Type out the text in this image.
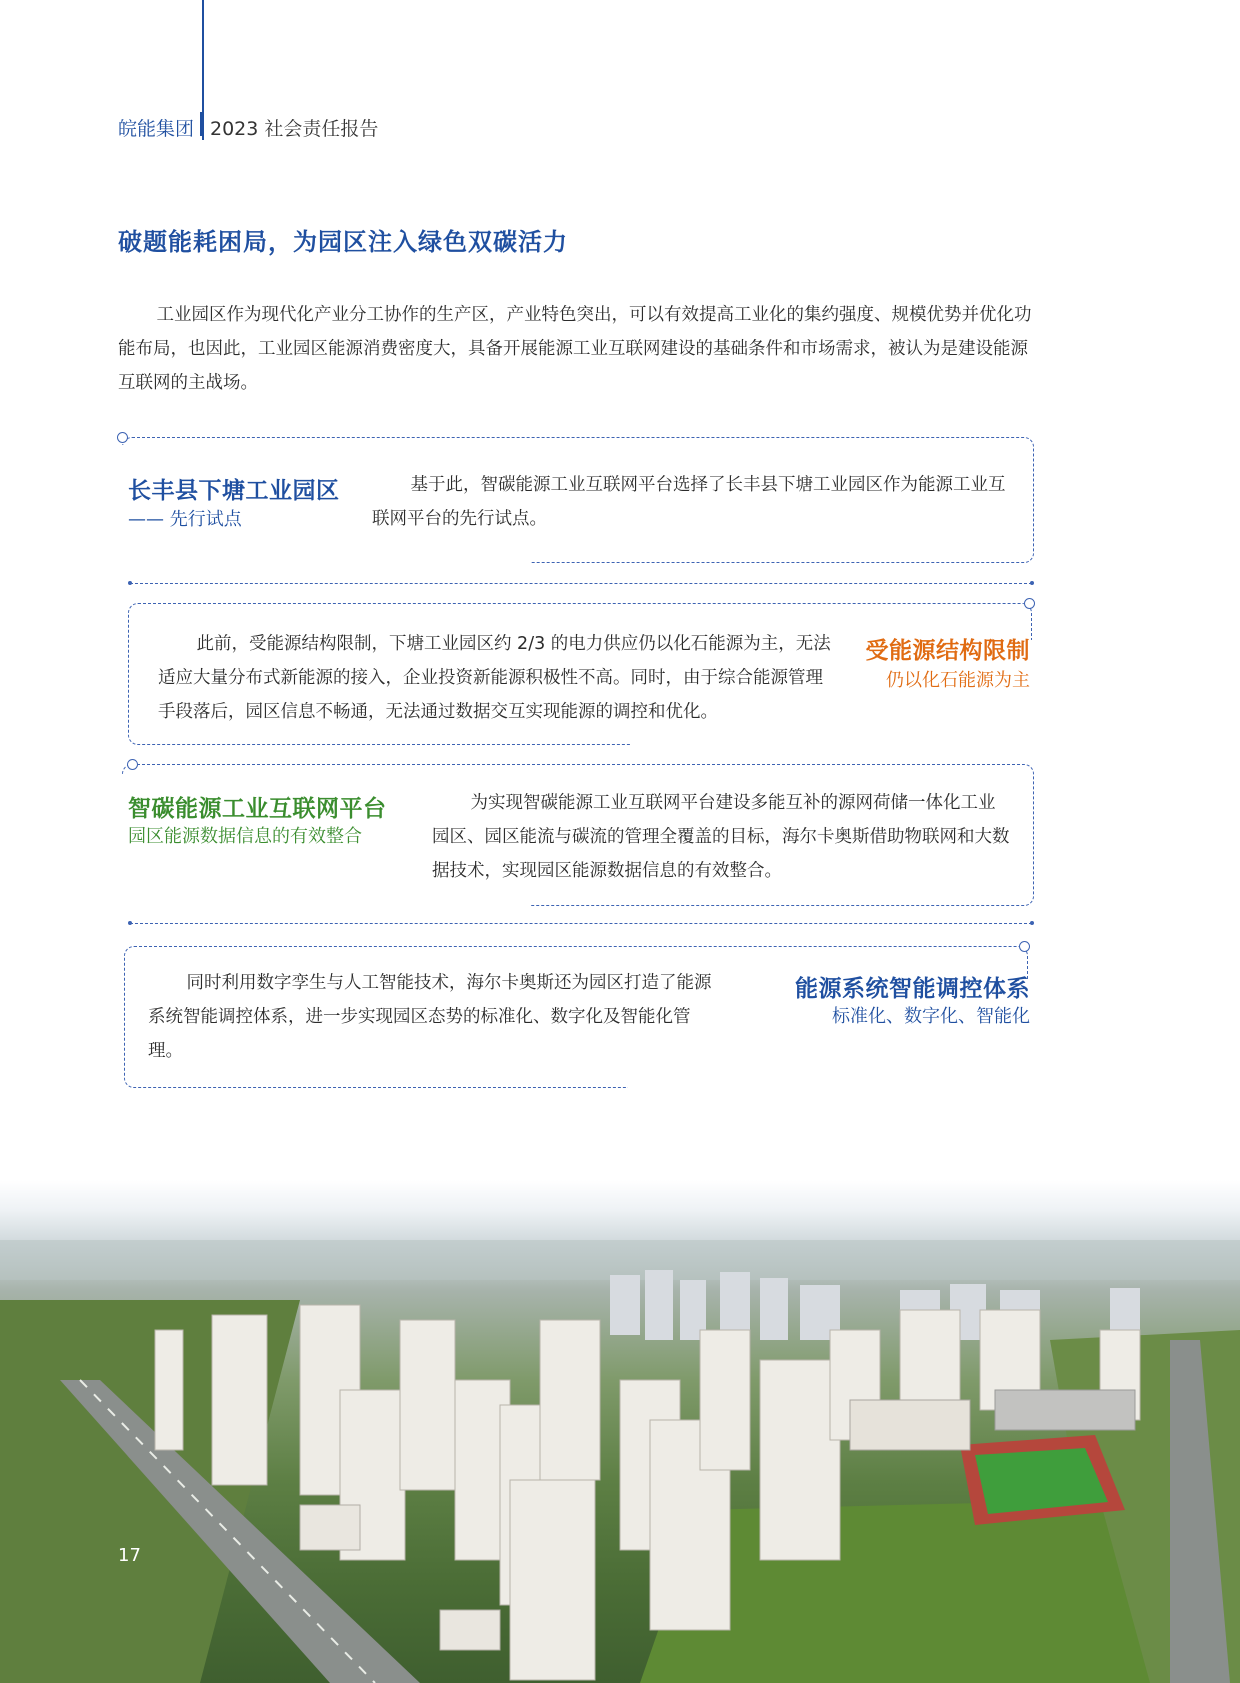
皖能集团 2023 社会责任报告
破题能耗困局，为园区注入绿色双碳活力
工业园区作为现代化产业分工协作的生产区，产业特色突出，可以有效提高工业化的集约强度、规模优势并优化功能布局，也因此，工业园区能源消费密度大，具备开展能源工业互联网建设的基础条件和市场需求，被认为是建设能源互联网的主战场。
长丰县下塘工业园区
—— 先行试点
基于此，智碳能源工业互联网平台选择了长丰县下塘工业园区作为能源工业互联网平台的先行试点。
此前，受能源结构限制，下塘工业园区约 2/3 的电力供应仍以化石能源为主，无法适应大量分布式新能源的接入，企业投资新能源积极性不高。同时，由于综合能源管理手段落后，园区信息不畅通，无法通过数据交互实现能源的调控和优化。
受能源结构限制
仍以化石能源为主
智碳能源工业互联网平台
园区能源数据信息的有效整合
为实现智碳能源工业互联网平台建设多能互补的源网荷储一体化工业园区、园区能流与碳流的管理全覆盖的目标，海尔卡奥斯借助物联网和大数据技术，实现园区能源数据信息的有效整合。
同时利用数字孪生与人工智能技术，海尔卡奥斯还为园区打造了能源系统智能调控体系，进一步实现园区态势的标准化、数字化及智能化管理。
能源系统智能调控体系
标准化、数字化、智能化
17
